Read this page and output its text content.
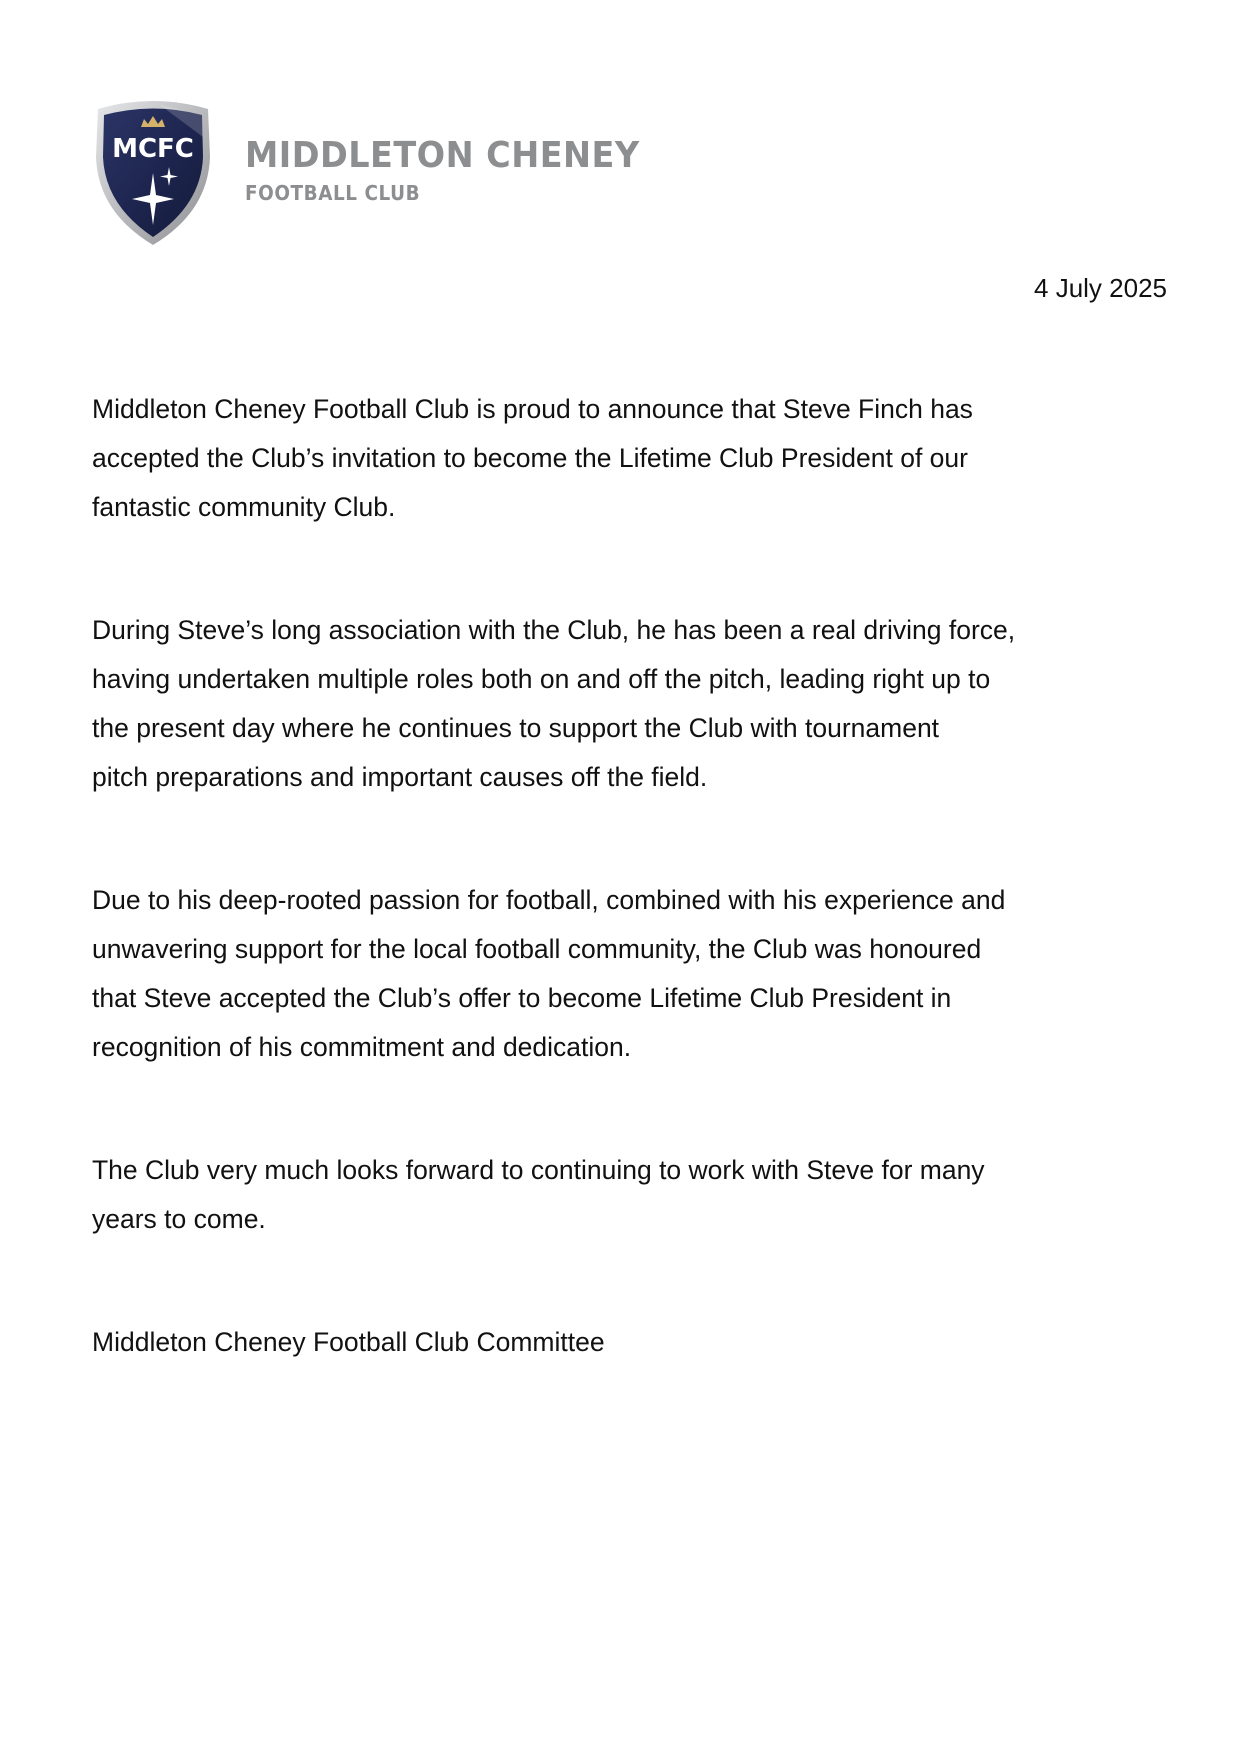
MCFC MIDDLETON CHENEY
FOOTBALL CLUB
4 July 2025

Middleton Cheney Football Club is proud to announce that Steve Finch has
accepted the Club’s invitation to become the Lifetime Club President of our
fantastic community Club.

During Steve’s long association with the Club, he has been a real driving force,
having undertaken multiple roles both on and off the pitch, leading right up to
the present day where he continues to support the Club with tournament
pitch preparations and important causes off the field.

Due to his deep-rooted passion for football, combined with his experience and
unwavering support for the local football community, the Club was honoured
that Steve accepted the Club’s offer to become Lifetime Club President in
recognition of his commitment and dedication.

The Club very much looks forward to continuing to work with Steve for many
years to come.

Middleton Cheney Football Club Committee
